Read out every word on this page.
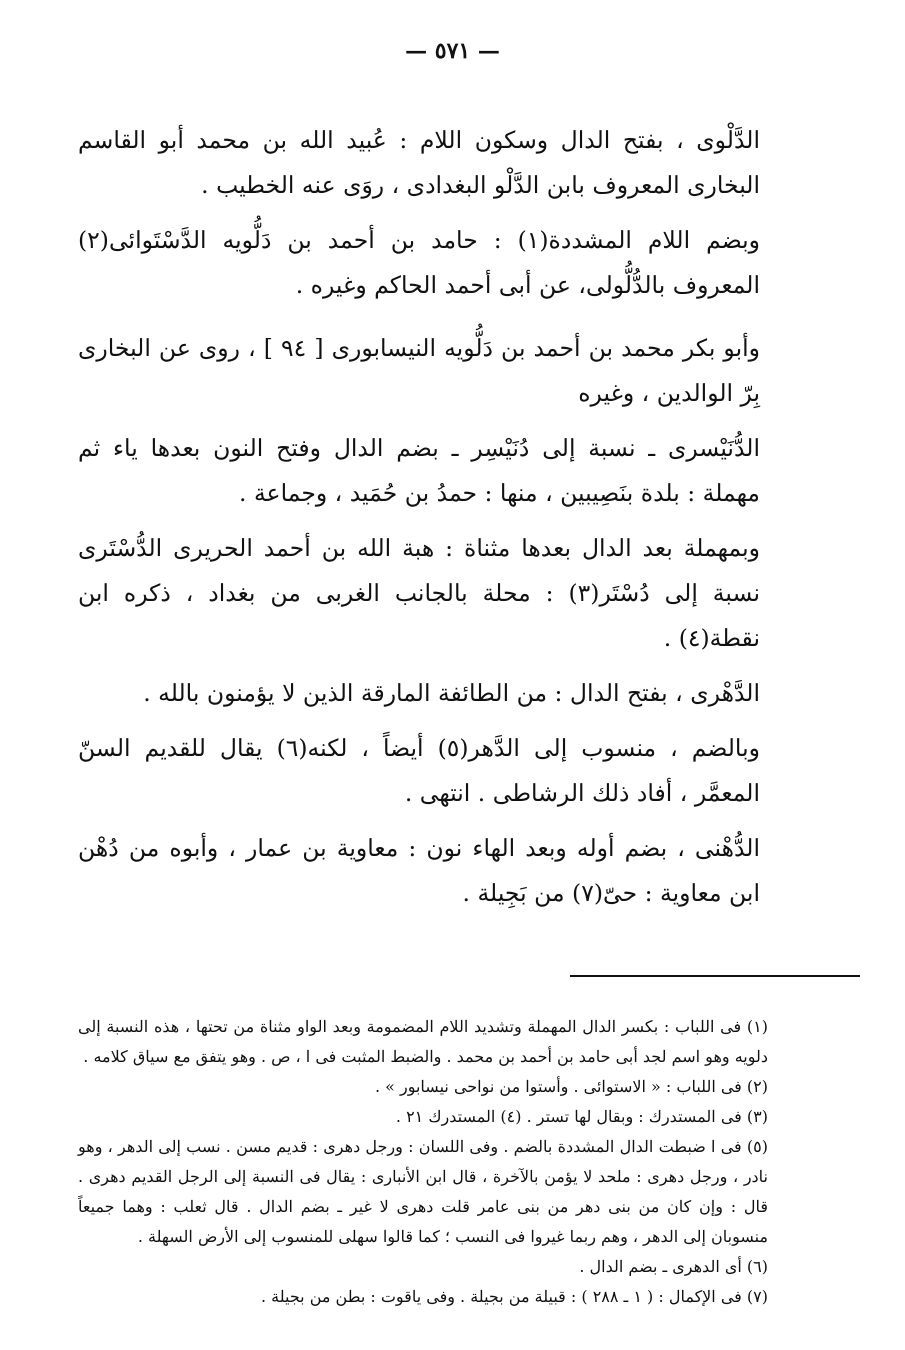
— ٥٧١ —

الدَّلْوى ، بفتح الدال وسكون اللام : عُبيد الله بن محمد أبو القاسم البخارى المعروف بابن الدَّلْو البغدادى ، روَى عنه الخطيب .

وبضم اللام المشددة(١) : حامد بن أحمد بن دَلُّويه الدَّسْتَوائى(٢) المعروف بالدُّلُّولى، عن أبى أحمد الحاكم وغيره .

وأبو بكر محمد بن أحمد بن دَلُّويه النيسابورى [ ٩٤ ] ، روى عن البخارى بِرّ الوالدين ، وغيره

الدُّنَيْسرى ـ نسبة إلى دُنَيْسِر ـ بضم الدال وفتح النون بعدها ياء ثم مهملة : بلدة بنَصِيبين ، منها : حمدُ بن حُمَيد ، وجماعة .

وبمهملة بعد الدال بعدها مثناة : هبة الله بن أحمد الحريرى الدُّسْتَرى نسبة إلى دُسْتَر(٣) : محلة بالجانب الغربى من بغداد ، ذكره ابن نقطة(٤) .

الدَّهْرى ، بفتح الدال : من الطائفة المارقة الذين لا يؤمنون بالله .

وبالضم ، منسوب إلى الدَّهر(٥) أيضاً ، لكنه(٦) يقال للقديم السنّ المعمَّر ، أفاد ذلك الرشاطى . انتهى .

الدُّهْنى ، بضم أوله وبعد الهاء نون : معاوية بن عمار ، وأبوه من دُهْن ابن معاوية : حىّ(٧) من بَجِيلة .

(١) فى اللباب : بكسر الدال المهملة وتشديد اللام المضمومة وبعد الواو مثناة من تحتها ، هذه النسبة إلى دلويه وهو اسم لجد أبى حامد بن أحمد بن محمد . والضبط المثبت فى ا ، ص . وهو يتفق مع سياق كلامه .

(٢) فى اللباب : « الاستوائى . وأستوا من نواحى نيسابور » .

(٣) فى المستدرك : وبقال لها تستر . (٤) المستدرك ٢١ .

(٥) فى ا ضبطت الدال المشددة بالضم . وفى اللسان : ورجل دهرى : قديم مسن . نسب إلى الدهر ، وهو نادر ، ورجل دهرى : ملحد لا يؤمن بالآخرة ، قال ابن الأنبارى : يقال فى النسبة إلى الرجل القديم دهرى . قال : وإن كان من بنى دهر من بنى عامر قلت دهرى لا غير ـ بضم الدال . قال ثعلب : وهما جميعاً منسوبان إلى الدهر ، وهم ربما غيروا فى النسب ؛ كما قالوا سهلى للمنسوب إلى الأرض السهلة .

(٦) أى الدهرى ـ بضم الدال .

(٧) فى الإكمال : ( ١ ـ ٢٨٨ ) : قبيلة من بجيلة . وفى ياقوت : بطن من بجيلة .
